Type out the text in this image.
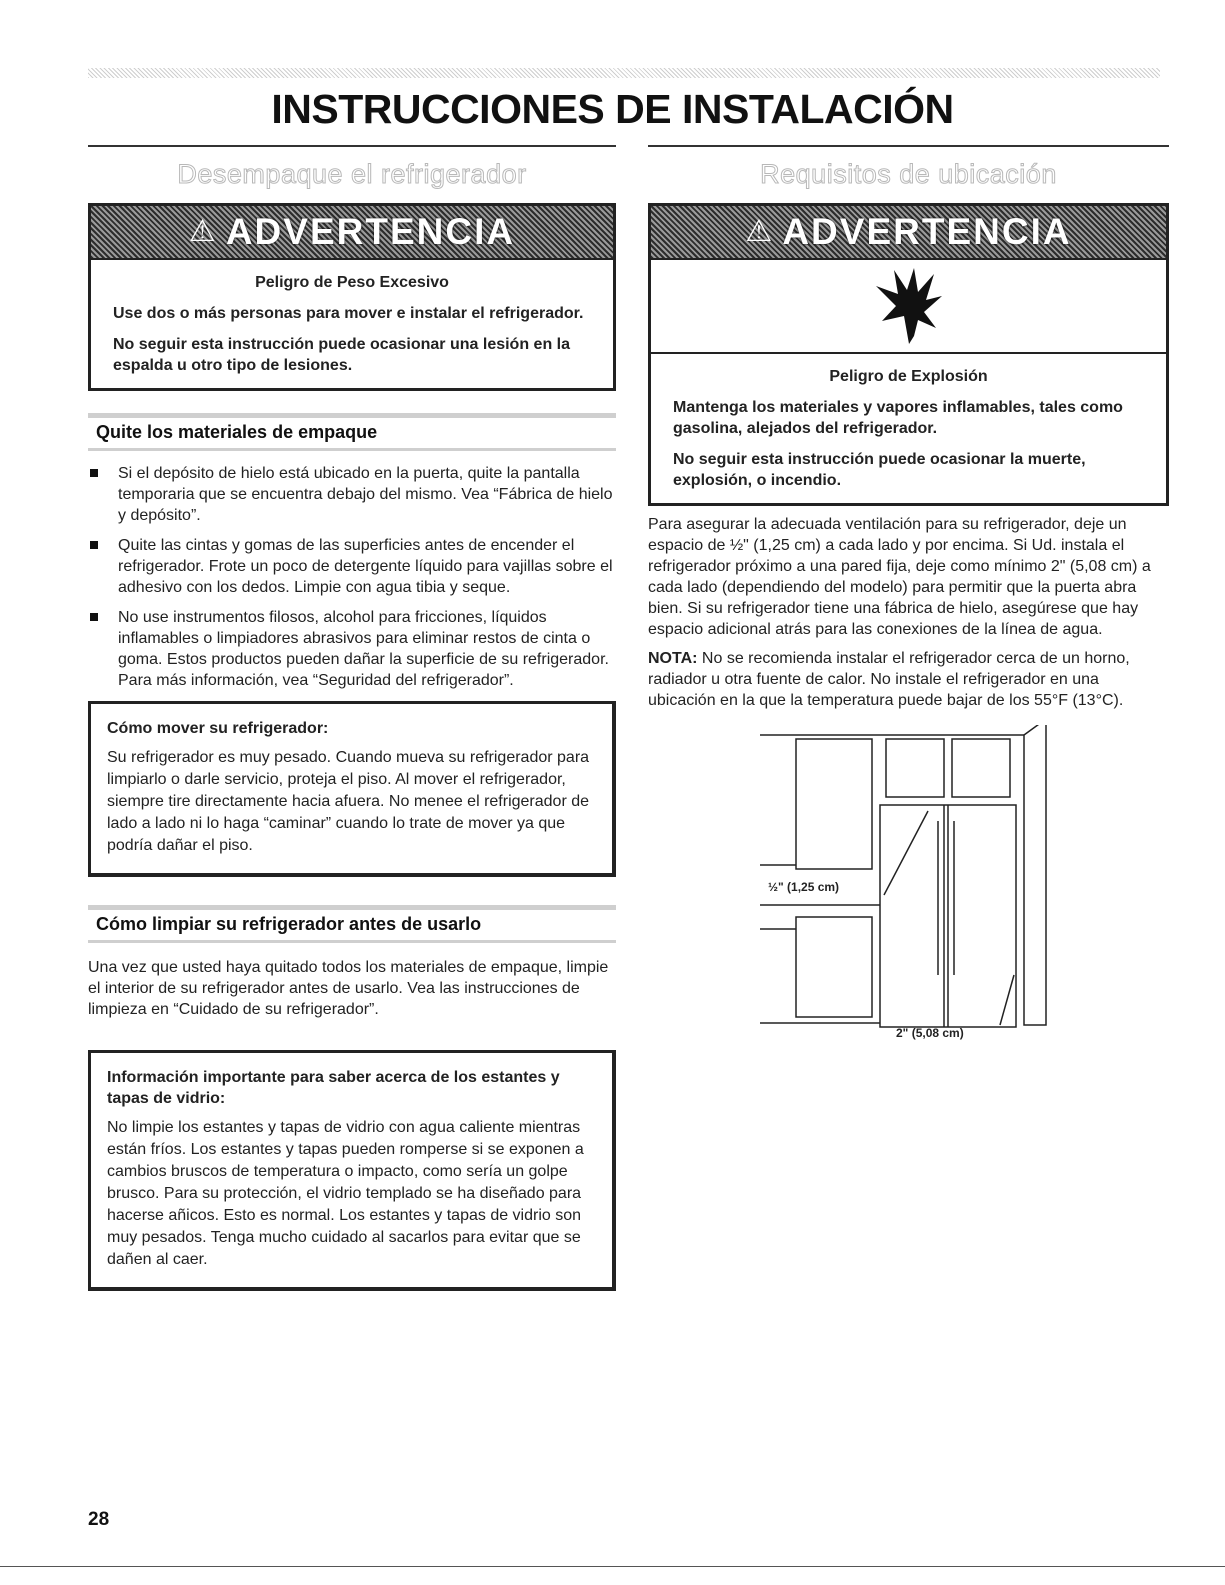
INSTRUCCIONES DE INSTALACIÓN
Desempaque el refrigerador
⚠ ADVERTENCIA
Peligro de Peso Excesivo

Use dos o más personas para mover e instalar el refrigerador.

No seguir esta instrucción puede ocasionar una lesión en la espalda u otro tipo de lesiones.

Quite los materiales de empaque
Si el depósito de hielo está ubicado en la puerta, quite la pantalla temporaria que se encuentra debajo del mismo. Vea “Fábrica de hielo y depósito”.
Quite las cintas y gomas de las superficies antes de encender el refrigerador. Frote un poco de detergente líquido para vajillas sobre el adhesivo con los dedos. Limpie con agua tibia y seque.
No use instrumentos filosos, alcohol para fricciones, líquidos inflamables o limpiadores abrasivos para eliminar restos de cinta o goma. Estos productos pueden dañar la superficie de su refrigerador. Para más información, vea “Seguridad del refrigerador”.
Cómo mover su refrigerador:
Su refrigerador es muy pesado. Cuando mueva su refrigerador para limpiarlo o darle servicio, proteja el piso. Al mover el refrigerador, siempre tire directamente hacia afuera. No menee el refrigerador de lado a lado ni lo haga “caminar” cuando lo trate de mover ya que podría dañar el piso.
Cómo limpiar su refrigerador antes de usarlo

Una vez que usted haya quitado todos los materiales de empaque, limpie el interior de su refrigerador antes de usarlo. Vea las instrucciones de limpieza en “Cuidado de su refrigerador”.

Información importante para saber acerca de los estantes y tapas de vidrio:
No limpie los estantes y tapas de vidrio con agua caliente mientras están fríos. Los estantes y tapas pueden romperse si se exponen a cambios bruscos de temperatura o impacto, como sería un golpe brusco. Para su protección, el vidrio templado se ha diseñado para hacerse añicos. Esto es normal. Los estantes y tapas de vidrio son muy pesados. Tenga mucho cuidado al sacarlos para evitar que se dañen al caer.
Requisitos de ubicación
⚠ ADVERTENCIA
Peligro de Explosión

Mantenga los materiales y vapores inflamables, tales como gasolina, alejados del refrigerador.

No seguir esta instrucción puede ocasionar la muerte, explosión, o incendio.

Para asegurar la adecuada ventilación para su refrigerador, deje un espacio de ½" (1,25 cm) a cada lado y por encima. Si Ud. instala el refrigerador próximo a una pared fija, deje como mínimo 2" (5,08 cm) a cada lado (dependiendo del modelo) para permitir que la puerta abra bien. Si su refrigerador tiene una fábrica de hielo, asegúrese que hay espacio adicional atrás para las conexiones de la línea de agua.

NOTA: No se recomienda instalar el refrigerador cerca de un horno, radiador u otra fuente de calor. No instale el refrigerador en una ubicación en la que la temperatura puede bajar de los 55°F (13°C).

½" (1,25 cm)
2" (5,08 cm)
28
